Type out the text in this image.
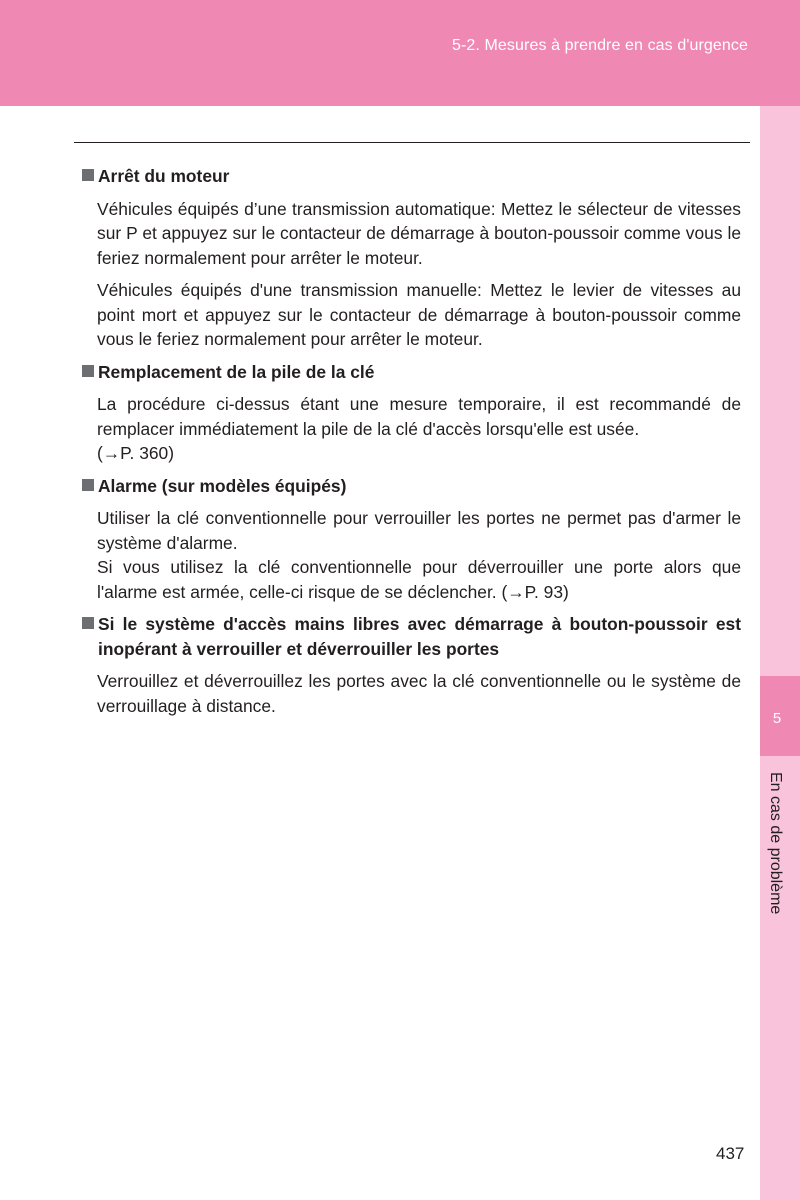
5-2. Mesures à prendre en cas d'urgence
5
En cas de problème
Arrêt du moteur

Véhicules équipés d’une transmission automatique: Mettez le sélecteur de vitesses sur P et appuyez sur le contacteur de démarrage à bouton-poussoir comme vous le feriez normalement pour arrêter le moteur.

Véhicules équipés d'une transmission manuelle: Mettez le levier de vitesses au point mort et appuyez sur le contacteur de démarrage à bouton-poussoir comme vous le feriez normalement pour arrêter le moteur.

Remplacement de la pile de la clé

La procédure ci-dessus étant une mesure temporaire, il est recommandé de remplacer immédiatement la pile de la clé d'accès lorsqu'elle est usée.
(→P. 360)

Alarme (sur modèles équipés)

Utiliser la clé conventionnelle pour verrouiller les portes ne permet pas d'armer le système d'alarme.
Si vous utilisez la clé conventionnelle pour déverrouiller une porte alors que l'alarme est armée, celle-ci risque de se déclencher. (→P. 93)

Si le système d'accès mains libres avec démarrage à bouton-poussoir est inopérant à verrouiller et déverrouiller les portes

Verrouillez et déverrouillez les portes avec la clé conventionnelle ou le système de verrouillage à distance.

437
